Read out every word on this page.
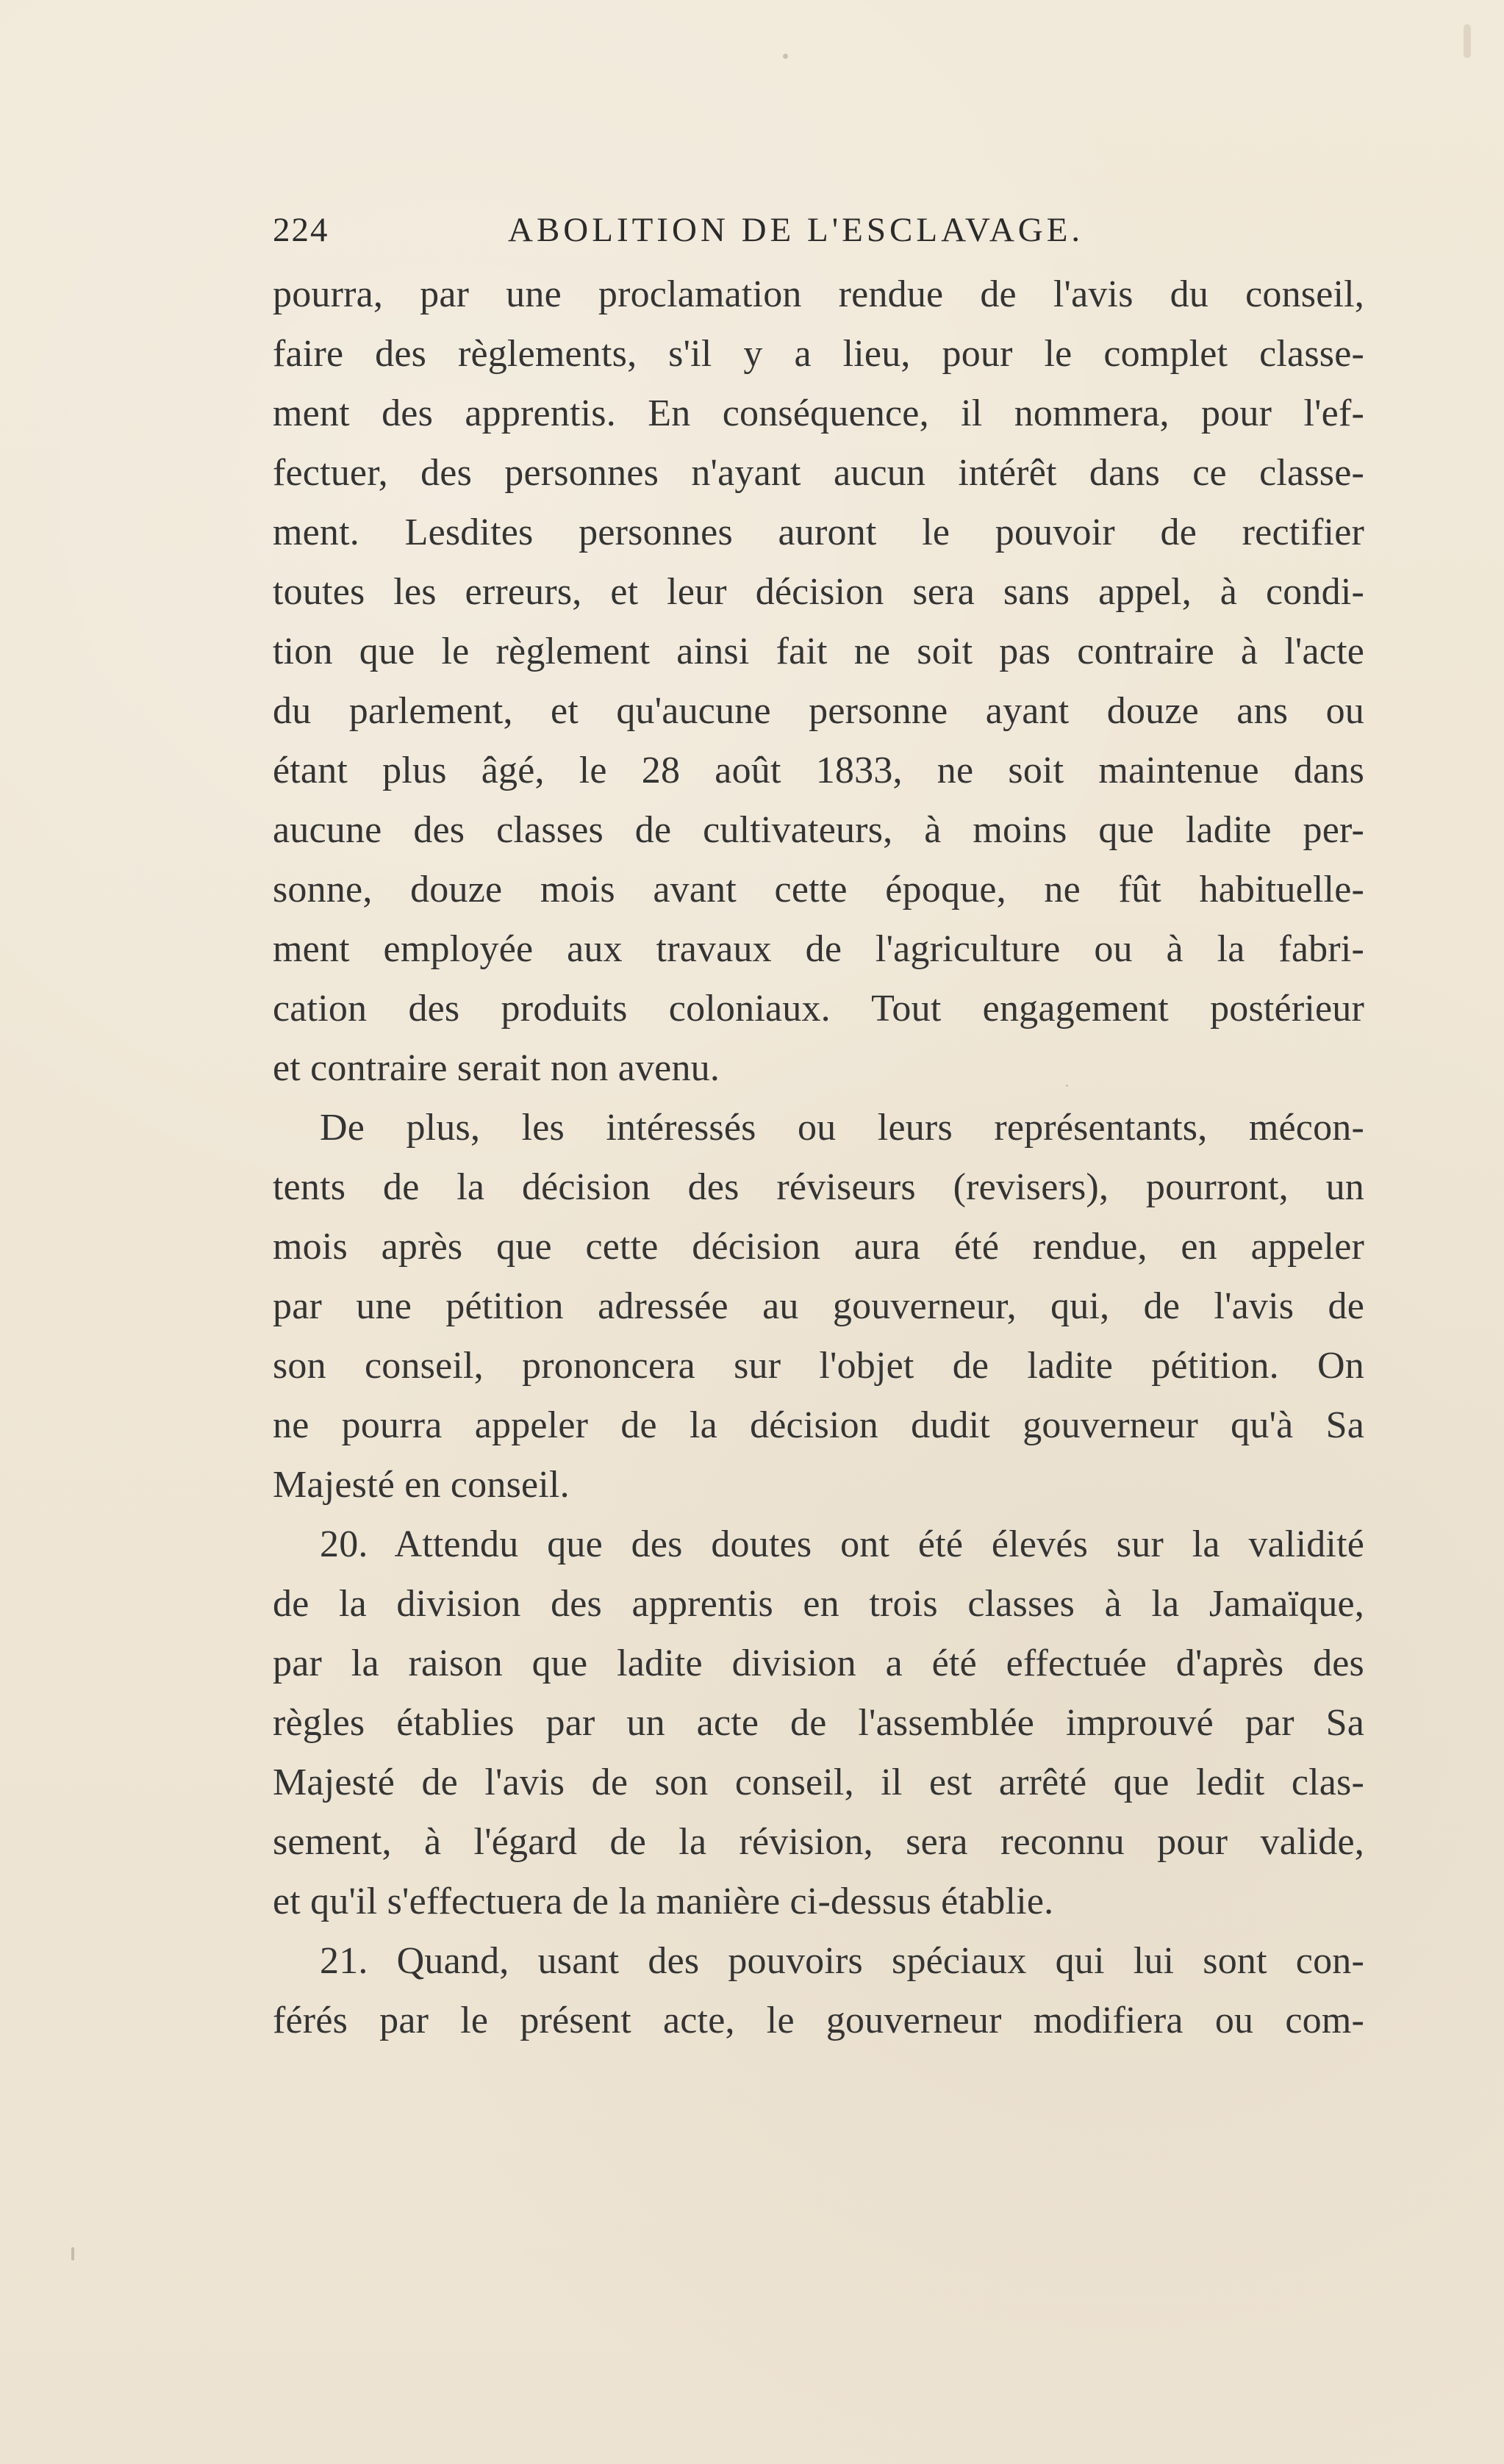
224	ABOLITION DE L'ESCLAVAGE.
pourra, par une proclamation rendue de l'avis du conseil,
faire des règlements, s'il y a lieu, pour le complet classe-
ment des apprentis. En conséquence, il nommera, pour l'ef-
fectuer, des personnes n'ayant aucun intérêt dans ce classe-
ment. Lesdites personnes auront le pouvoir de rectifier
toutes les erreurs, et leur décision sera sans appel, à condi-
tion que le règlement ainsi fait ne soit pas contraire à l'acte
du parlement, et qu'aucune personne ayant douze ans ou
étant plus âgé, le 28 août 1833, ne soit maintenue dans
aucune des classes de cultivateurs, à moins que ladite per-
sonne, douze mois avant cette époque, ne fût habituelle-
ment employée aux travaux de l'agriculture ou à la fabri-
cation des produits coloniaux. Tout engagement postérieur
et contraire serait non avenu.
De plus, les intéressés ou leurs représentants, mécon-
tents de la décision des réviseurs (revisers), pourront, un
mois après que cette décision aura été rendue, en appeler
par une pétition adressée au gouverneur, qui, de l'avis de
son conseil, prononcera sur l'objet de ladite pétition. On
ne pourra appeler de la décision dudit gouverneur qu'à Sa
Majesté en conseil.
20. Attendu que des doutes ont été élevés sur la validité
de la division des apprentis en trois classes à la Jamaïque,
par la raison que ladite division a été effectuée d'après des
règles établies par un acte de l'assemblée improuvé par Sa
Majesté de l'avis de son conseil, il est arrêté que ledit clas-
sement, à l'égard de la révision, sera reconnu pour valide,
et qu'il s'effectuera de la manière ci-dessus établie.
21. Quand, usant des pouvoirs spéciaux qui lui sont con-
férés par le présent acte, le gouverneur modifiera ou com-
